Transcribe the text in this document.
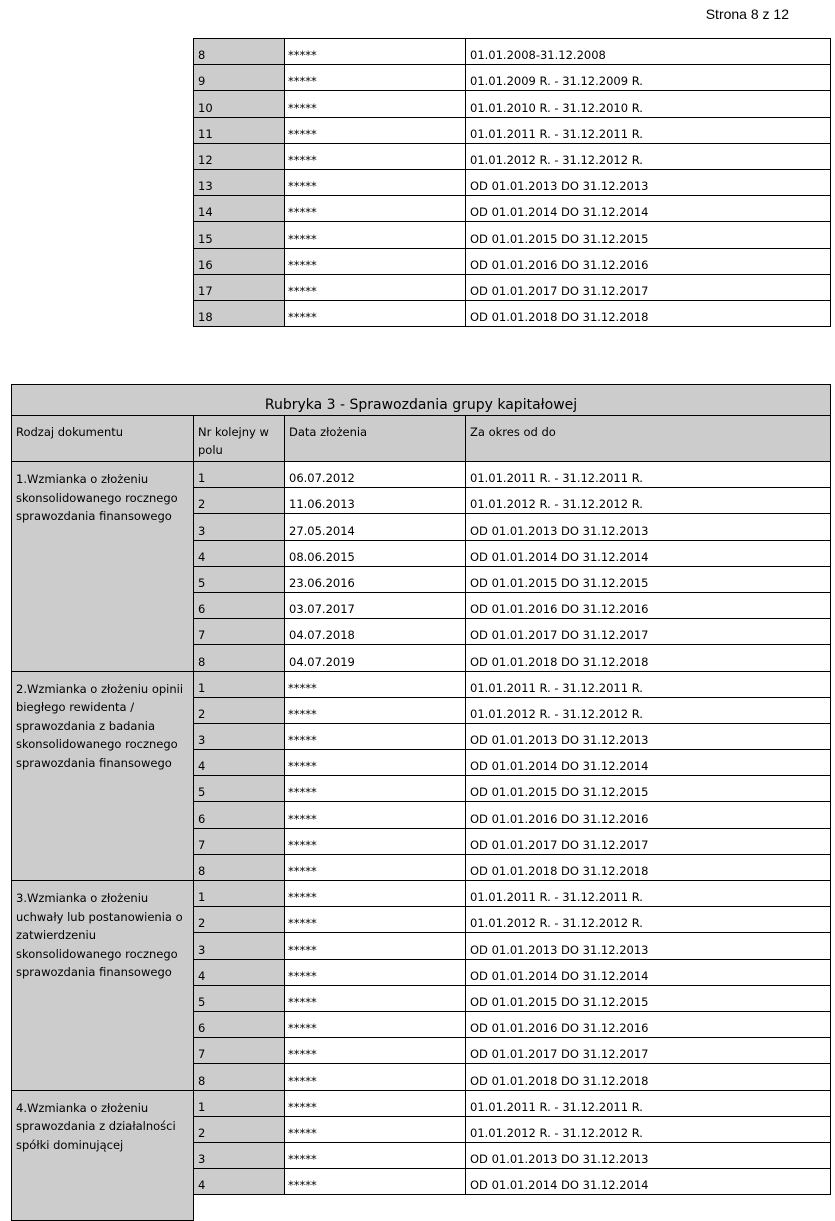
Strona 8 z 12
8	*****	01.01.2008-31.12.2008
9	*****	01.01.2009 R. - 31.12.2009 R.
10	*****	01.01.2010 R. - 31.12.2010 R.
11	*****	01.01.2011 R. - 31.12.2011 R.
12	*****	01.01.2012 R. - 31.12.2012 R.
13	*****	OD 01.01.2013 DO 31.12.2013
14	*****	OD 01.01.2014 DO 31.12.2014
15	*****	OD 01.01.2015 DO 31.12.2015
16	*****	OD 01.01.2016 DO 31.12.2016
17	*****	OD 01.01.2017 DO 31.12.2017
18	*****	OD 01.01.2018 DO 31.12.2018
Rubryka 3 - Sprawozdania grupy kapitałowej			
Rodzaj dokumentu	Nr kolejny w polu	Data złożenia	Za okres od do
1.Wzmianka o złożeniu skonsolidowanego rocznego sprawozdania finansowego	1	06.07.2012	01.01.2011 R. - 31.12.2011 R.
	2	11.06.2013	01.01.2012 R. - 31.12.2012 R.
	3	27.05.2014	OD 01.01.2013 DO 31.12.2013
	4	08.06.2015	OD 01.01.2014 DO 31.12.2014
	5	23.06.2016	OD 01.01.2015 DO 31.12.2015
	6	03.07.2017	OD 01.01.2016 DO 31.12.2016
	7	04.07.2018	OD 01.01.2017 DO 31.12.2017
	8	04.07.2019	OD 01.01.2018 DO 31.12.2018
2.Wzmianka o złożeniu opinii biegłego rewidenta / sprawozdania z badania skonsolidowanego rocznego sprawozdania finansowego	1	*****	01.01.2011 R. - 31.12.2011 R.
	2	*****	01.01.2012 R. - 31.12.2012 R.
	3	*****	OD 01.01.2013 DO 31.12.2013
	4	*****	OD 01.01.2014 DO 31.12.2014
	5	*****	OD 01.01.2015 DO 31.12.2015
	6	*****	OD 01.01.2016 DO 31.12.2016
	7	*****	OD 01.01.2017 DO 31.12.2017
	8	*****	OD 01.01.2018 DO 31.12.2018
3.Wzmianka o złożeniu uchwały lub postanowienia o zatwierdzeniu skonsolidowanego rocznego sprawozdania finansowego	1	*****	01.01.2011 R. - 31.12.2011 R.
	2	*****	01.01.2012 R. - 31.12.2012 R.
	3	*****	OD 01.01.2013 DO 31.12.2013
	4	*****	OD 01.01.2014 DO 31.12.2014
	5	*****	OD 01.01.2015 DO 31.12.2015
	6	*****	OD 01.01.2016 DO 31.12.2016
	7	*****	OD 01.01.2017 DO 31.12.2017
	8	*****	OD 01.01.2018 DO 31.12.2018
4.Wzmianka o złożeniu sprawozdania z działalności spółki dominującej	1	*****	01.01.2011 R. - 31.12.2011 R.
	2	*****	01.01.2012 R. - 31.12.2012 R.
	3	*****	OD 01.01.2013 DO 31.12.2013
	4	*****	OD 01.01.2014 DO 31.12.2014
